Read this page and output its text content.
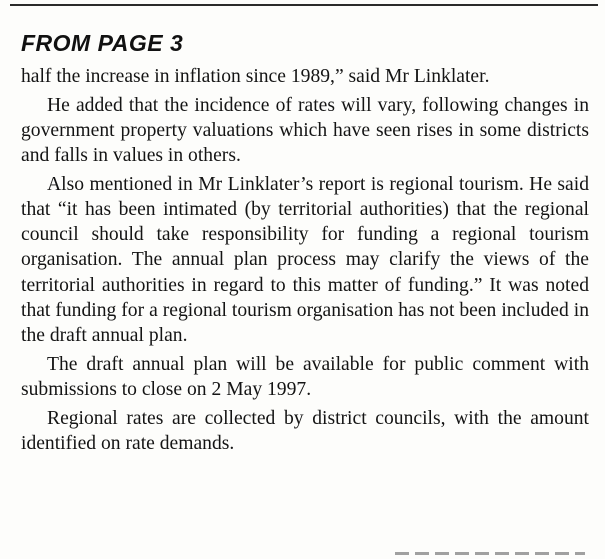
FROM PAGE 3

half the increase in inflation since 1989,” said Mr Linklater.

He added that the incidence of rates will vary, following changes in government property valuations which have seen rises in some districts and falls in values in others.

Also mentioned in Mr Linklater’s report is regional tourism. He said that “it has been intimated (by territorial authorities) that the regional council should take responsibility for funding a regional tourism organisation. The annual plan process may clarify the views of the territorial authorities in regard to this matter of funding.” It was noted that funding for a regional tourism organisation has not been included in the draft annual plan.

The draft annual plan will be available for public comment with submissions to close on 2 May 1997.

Regional rates are collected by district councils, with the amount identified on rate demands.
